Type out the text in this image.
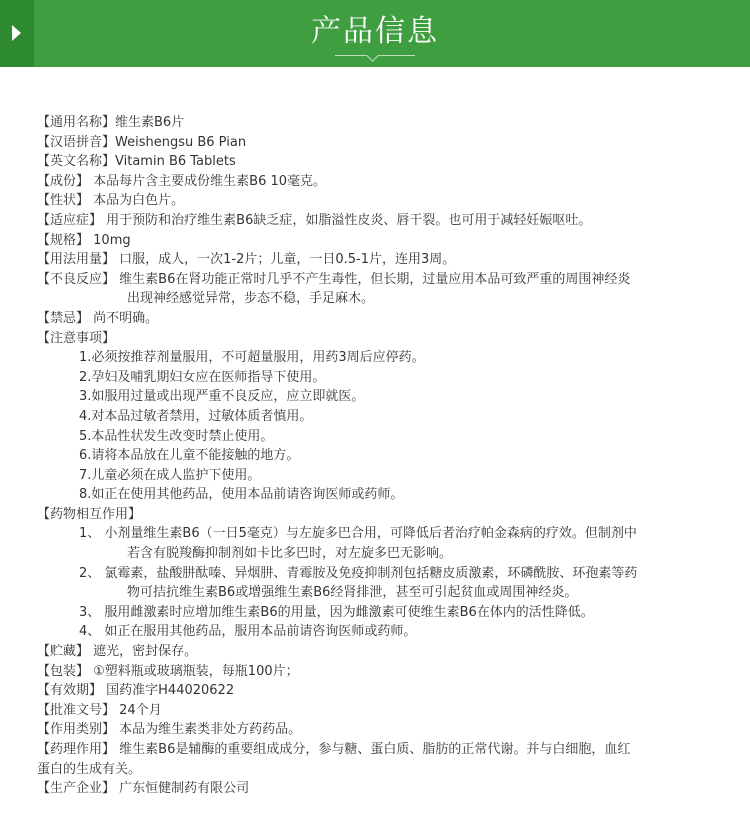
产品信息
【通用名称】维生素B6片
【汉语拼音】Weishengsu B6 Pian
【英文名称】Vitamin B6 Tablets
【成份】 本品每片含主要成份维生素B6 10毫克。
【性状】 本品为白色片。
【适应症】 用于预防和治疗维生素B6缺乏症，如脂溢性皮炎、唇干裂。也可用于减轻妊娠呕吐。
【规格】 10mg
【用法用量】 口服，成人，一次1-2片；儿童，一日0.5-1片，连用3周。
【不良反应】 维生素B6在肾功能正常时几乎不产生毒性，但长期，过量应用本品可致严重的周围神经炎
出现神经感觉异常，步态不稳，手足麻木。
【禁忌】 尚不明确。
【注意事项】
1.必须按推荐剂量服用，不可超量服用，用药3周后应停药。
2.孕妇及哺乳期妇女应在医师指导下使用。
3.如服用过量或出现严重不良反应，应立即就医。
4.对本品过敏者禁用，过敏体质者慎用。
5.本品性状发生改变时禁止使用。
6.请将本品放在儿童不能接触的地方。
7.儿童必须在成人监护下使用。
8.如正在使用其他药品，使用本品前请咨询医师或药师。
【药物相互作用】
1、 小剂量维生素B6（一日5毫克）与左旋多巴合用，可降低后者治疗帕金森病的疗效。但制剂中
若含有脱羧酶抑制剂如卡比多巴时，对左旋多巴无影响。
2、 氯霉素，盐酸肼酞嗪、异烟肼、青霉胺及免疫抑制剂包括糖皮质激素，环磷酰胺、环孢素等药
物可拮抗维生素B6或增强维生素B6经肾排泄，甚至可引起贫血或周围神经炎。
3、 服用雌激素时应增加维生素B6的用量，因为雌激素可使维生素B6在体内的活性降低。
4、 如正在服用其他药品，服用本品前请咨询医师或药师。
【贮藏】 遮光，密封保存。
【包装】 ①塑料瓶或玻璃瓶装，每瓶100片；
【有效期】 国药准字H44020622
【批准文号】 24个月
【作用类别】 本品为维生素类非处方药药品。
【药理作用】 维生素B6是辅酶的重要组成成分，参与糖、蛋白质、脂肪的正常代谢。并与白细胞，血红
蛋白的生成有关。
【生产企业】 广东恒健制药有限公司
